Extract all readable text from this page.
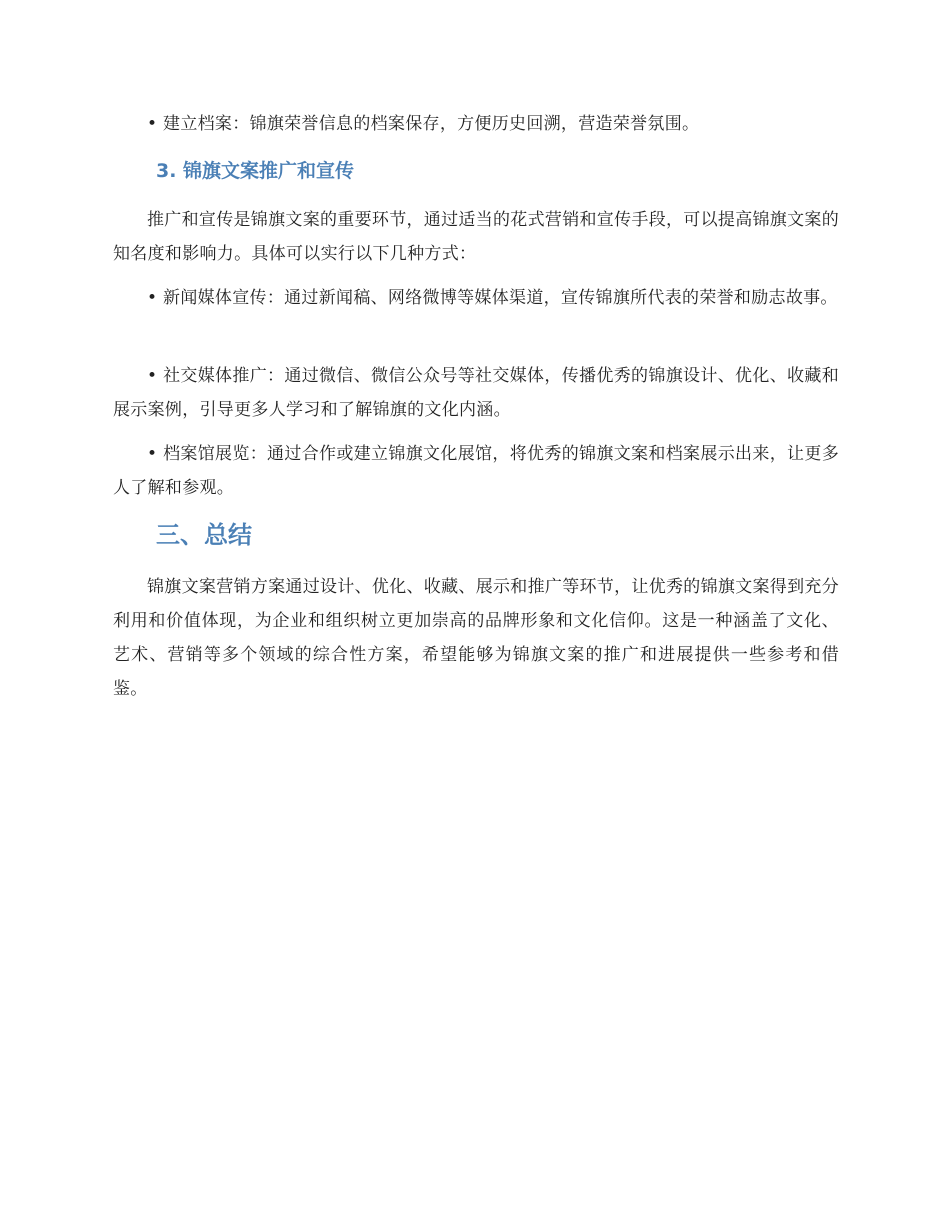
• 建立档案：锦旗荣誉信息的档案保存，方便历史回溯，营造荣誉氛围。

3. 锦旗文案推广和宣传

推广和宣传是锦旗文案的重要环节，通过适当的花式营销和宣传手段，可以提高锦旗文案的知名度和影响力。具体可以实行以下几种方式：

• 新闻媒体宣传：通过新闻稿、网络微博等媒体渠道，宣传锦旗所代表的荣誉和励志故事。

• 社交媒体推广：通过微信、微信公众号等社交媒体，传播优秀的锦旗设计、优化、收藏和展示案例，引导更多人学习和了解锦旗的文化内涵。

• 档案馆展览：通过合作或建立锦旗文化展馆，将优秀的锦旗文案和档案展示出来，让更多人了解和参观。

三、总结

锦旗文案营销方案通过设计、优化、收藏、展示和推广等环节，让优秀的锦旗文案得到充分利用和价值体现，为企业和组织树立更加崇高的品牌形象和文化信仰。这是一种涵盖了文化、艺术、营销等多个领域的综合性方案，希望能够为锦旗文案的推广和进展提供一些参考和借鉴。
